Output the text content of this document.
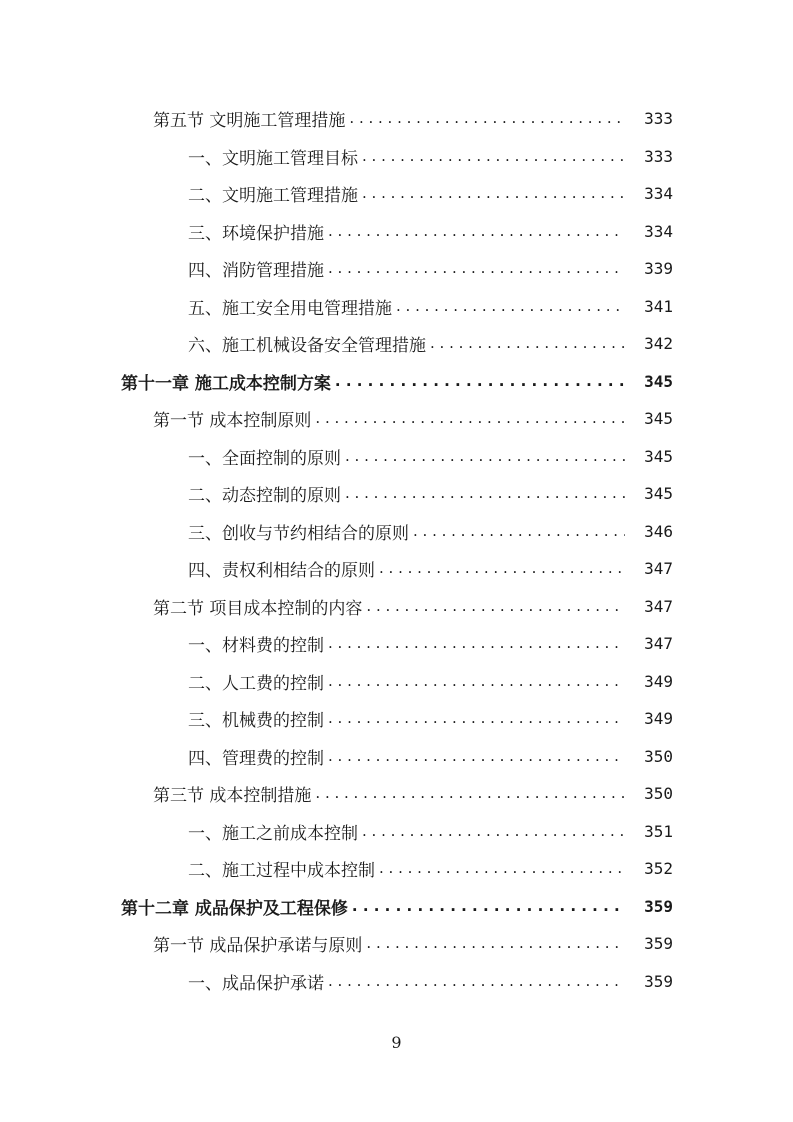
第五节 文明施工管理措施 . . .	333
一、文明施工管理目标 . . .	333
二、文明施工管理措施 . . .	334
三、环境保护措施 . . .	334
四、消防管理措施 . . .	339
五、施工安全用电管理措施 . . .	341
六、施工机械设备安全管理措施 . . .	342
第十一章 施工成本控制方案 . . .	345
第一节 成本控制原则 . . .	345
一、全面控制的原则 . . .	345
二、动态控制的原则 . . .	345
三、创收与节约相结合的原则 . . .	346
四、责权利相结合的原则 . . .	347
第二节 项目成本控制的内容 . . .	347
一、材料费的控制 . . .	347
二、人工费的控制 . . .	349
三、机械费的控制 . . .	349
四、管理费的控制 . . .	350
第三节 成本控制措施 . . .	350
一、施工之前成本控制 . . .	351
二、施工过程中成本控制 . . .	352
第十二章 成品保护及工程保修 . . .	359
第一节 成品保护承诺与原则 . . .	359
一、成品保护承诺 . . .	359
9
